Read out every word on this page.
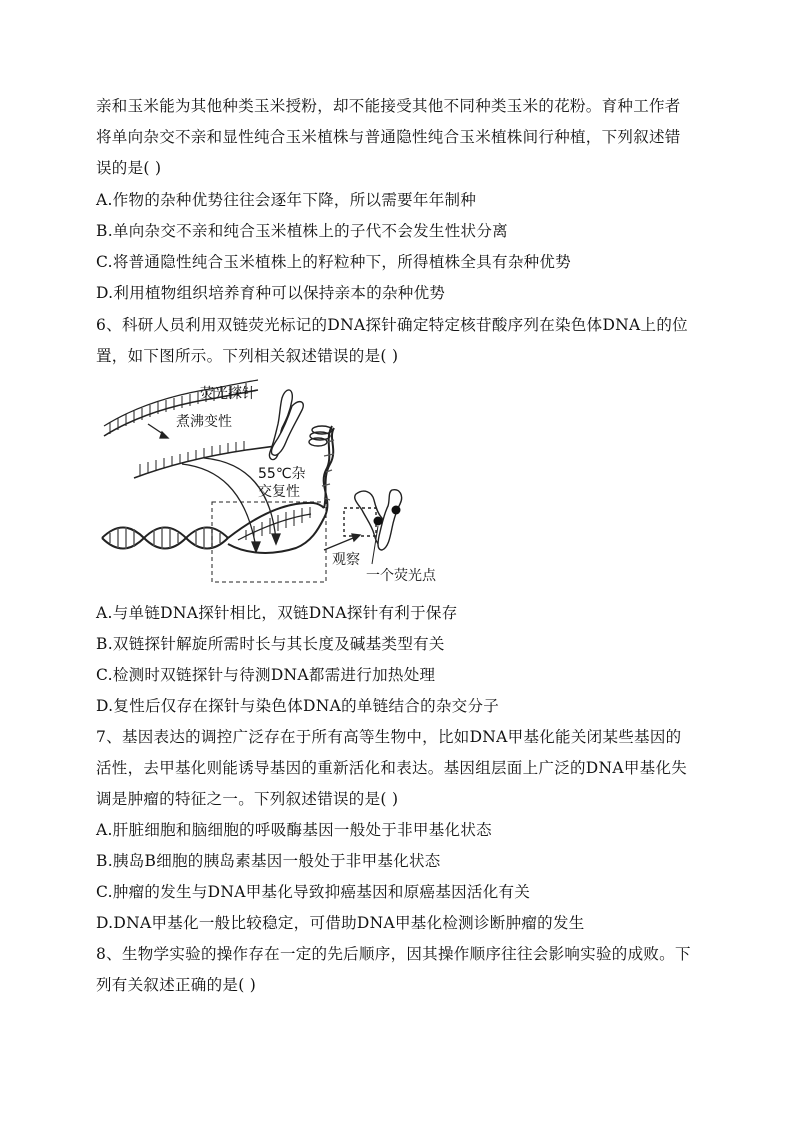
亲和玉米能为其他种类玉米授粉，却不能接受其他不同种类玉米的花粉。育种工作者
将单向杂交不亲和显性纯合玉米植株与普通隐性纯合玉米植株间行种植，下列叙述错
误的是( )
A.作物的杂种优势往往会逐年下降，所以需要年年制种
B.单向杂交不亲和纯合玉米植株上的子代不会发生性状分离
C.将普通隐性纯合玉米植株上的籽粒种下，所得植株全具有杂种优势
D.利用植物组织培养育种可以保持亲本的杂种优势
6、科研人员利用双链荧光标记的DNA探针确定特定核苷酸序列在染色体DNA上的位
置，如下图所示。下列相关叙述错误的是( )
荧光探针
煮沸变性
55℃杂
交复性
观察
一个荧光点
A.与单链DNA探针相比，双链DNA探针有利于保存
B.双链探针解旋所需时长与其长度及碱基类型有关
C.检测时双链探针与待测DNA都需进行加热处理
D.复性后仅存在探针与染色体DNA的单链结合的杂交分子
7、基因表达的调控广泛存在于所有高等生物中，比如DNA甲基化能关闭某些基因的
活性，去甲基化则能诱导基因的重新活化和表达。基因组层面上广泛的DNA甲基化失
调是肿瘤的特征之一。下列叙述错误的是( )
A.肝脏细胞和脑细胞的呼吸酶基因一般处于非甲基化状态
B.胰岛B细胞的胰岛素基因一般处于非甲基化状态
C.肿瘤的发生与DNA甲基化导致抑癌基因和原癌基因活化有关
D.DNA甲基化一般比较稳定，可借助DNA甲基化检测诊断肿瘤的发生
8、生物学实验的操作存在一定的先后顺序，因其操作顺序往往会影响实验的成败。下
列有关叙述正确的是( )
